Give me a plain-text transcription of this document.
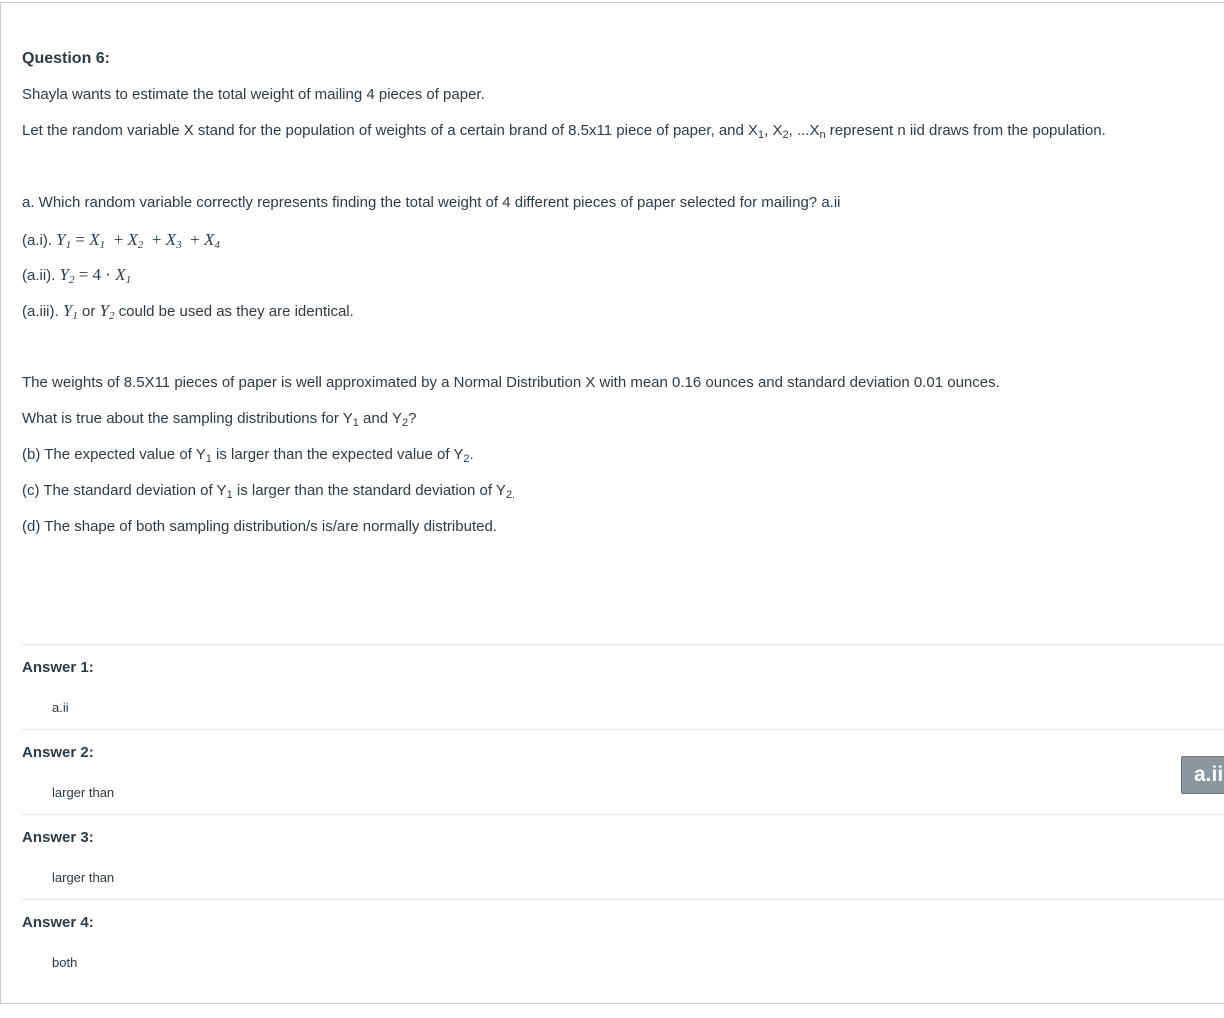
Question 6:
Shayla wants to estimate the total weight of mailing 4 pieces of paper.
Let the random variable X stand for the population of weights of a certain brand of 8.5x11 piece of paper, and $X_1$, $X_2$, $...X_n$ represent n iid draws from the population.
a. Which random variable correctly represents finding the total weight of 4 different pieces of paper selected for mailing? a.ii
(a.i). $Y_1 = X_1 + X_2 + X_3 + X_4$
(a.ii). $Y_2 = 4 \cdot X_1$
(a.iii). $Y_1$ or $Y_2$ could be used as they are identical.
The weights of 8.5X11 pieces of paper is well approximated by a Normal Distribution X with mean 0.16 ounces and standard deviation 0.01 ounces.
What is true about the sampling distributions for $Y_1$ and $Y_2$?
(b) The expected value of $Y_1$ is larger than the expected value of $Y_2$.
(c) The standard deviation of $Y_1$ is larger than the standard deviation of $Y_{2.}$
(d) The shape of both sampling distribution/s is/are normally distributed.
Answer 1:
a.ii
Answer 2:
larger than
Answer 3:
larger than
Answer 4:
both
a.ii
